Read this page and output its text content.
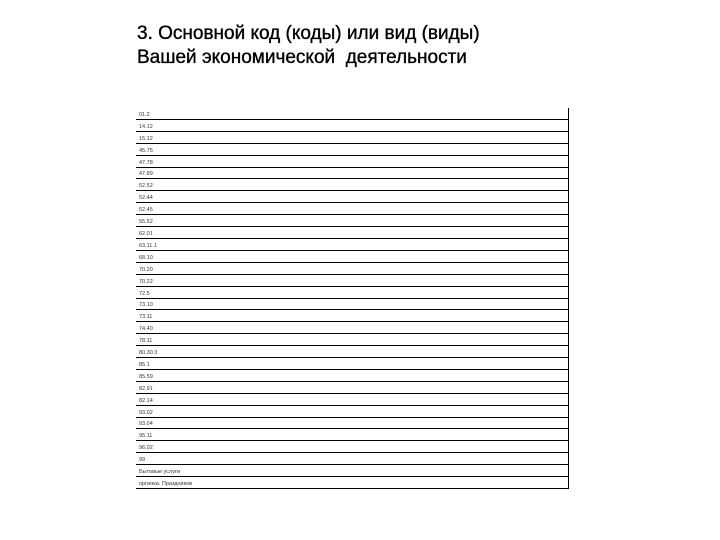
3. Основной код (коды) или вид (виды)
Вашей экономической  деятельности
01.2
14.12
15.12
45.75
47.78
47.89
52.52
52.44
52.45
55.52
62.01
63.11.1
68.10
70.20
70.22
72.5
73.10
73.11
74.40
78.11
80.30.3
85.1
85.59
82.91
82.14
93.02
93.04
95.11
96.02
99
Бытовые услуги
оргинка. Праздников
